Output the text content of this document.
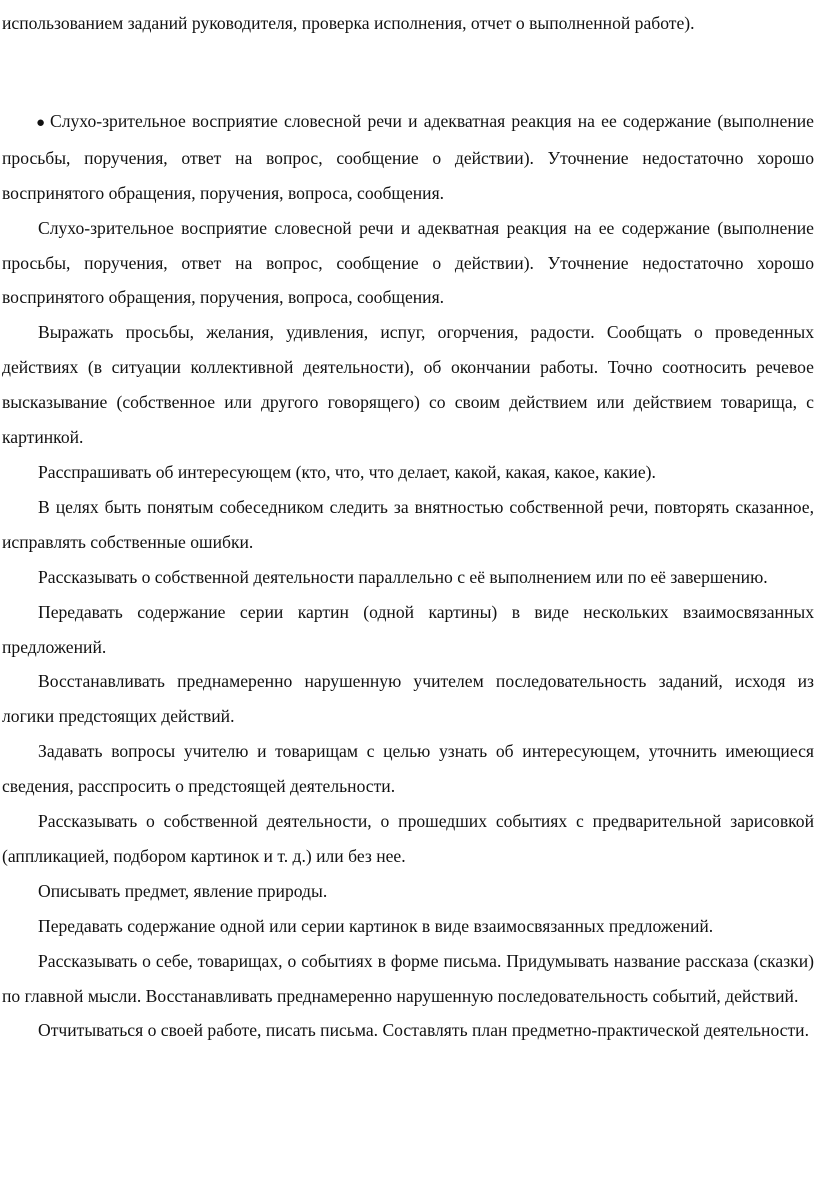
использованием заданий руководителя, проверка исполнения, отчет о выполненной работе).

● Слухо-зрительное восприятие словесной речи и адекватная реакция на ее содержание (выполнение просьбы, поручения, ответ на вопрос, сообщение о действии). Уточнение недостаточно хорошо воспринятого обращения, поручения, вопроса, сообщения.

Слухо-зрительное восприятие словесной речи и адекватная реакция на ее содержание (выполнение просьбы, поручения, ответ на вопрос, сообщение о действии). Уточнение недостаточно хорошо воспринятого обращения, поручения, вопроса, сообщения.

Выражать просьбы, желания, удивления, испуг, огорчения, радости. Сообщать о проведенных действиях (в ситуации коллективной деятельности), об окончании работы. Точно соотносить речевое высказывание (собственное или другого говорящего) со своим действием или действием товарища, с картинкой.

Расспрашивать об интересующем (кто, что, что делает, какой, какая, какое, какие).

В целях быть понятым собеседником следить за внятностью собственной речи, повторять сказанное, исправлять собственные ошибки.

Рассказывать о собственной деятельности параллельно с её выполнением или по её завершению.

Передавать содержание серии картин (одной картины) в виде нескольких взаимосвязанных предложений.

Восстанавливать преднамеренно нарушенную учителем последовательность заданий, исходя из логики предстоящих действий.

Задавать вопросы учителю и товарищам с целью узнать об интересующем, уточнить имеющиеся сведения, расспросить о предстоящей деятельности.

Рассказывать о собственной деятельности, о прошедших событиях с предварительной зарисовкой (аппликацией, подбором картинок и т. д.) или без нее.

Описывать предмет, явление природы.

Передавать содержание одной или серии картинок в виде взаимосвязанных предложений.

Рассказывать о себе, товарищах, о событиях в форме письма. Придумывать название рассказа (сказки) по главной мысли. Восстанавливать преднамеренно нарушенную последовательность событий, действий.

Отчитываться о своей работе, писать письма. Составлять план предметно-практической деятельности.
